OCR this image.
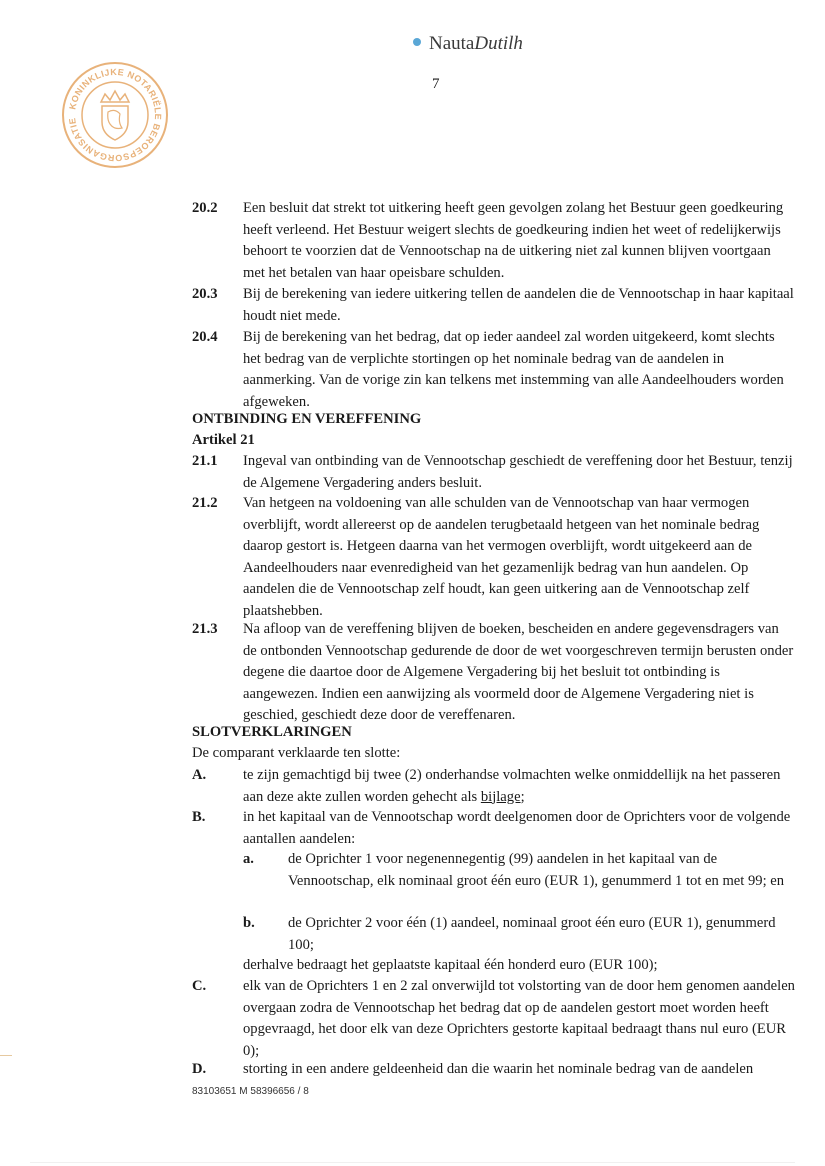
NautaDutilh
7
KONINKLIJKE NOTARIËLE BEROEPSORGANISATIE
20.2 Een besluit dat strekt tot uitkering heeft geen gevolgen zolang het Bestuur geen goedkeuring heeft verleend. Het Bestuur weigert slechts de goedkeuring indien het weet of redelijkerwijs behoort te voorzien dat de Vennootschap na de uitkering niet zal kunnen blijven voortgaan met het betalen van haar opeisbare schulden.
20.3 Bij de berekening van iedere uitkering tellen de aandelen die de Vennootschap in haar kapitaal houdt niet mede.
20.4 Bij de berekening van het bedrag, dat op ieder aandeel zal worden uitgekeerd, komt slechts het bedrag van de verplichte stortingen op het nominale bedrag van de aandelen in aanmerking. Van de vorige zin kan telkens met instemming van alle Aandeelhouders worden afgeweken.
ONTBINDING EN VEREFFENING
Artikel 21
21.1 Ingeval van ontbinding van de Vennootschap geschiedt de vereffening door het Bestuur, tenzij de Algemene Vergadering anders besluit.
21.2 Van hetgeen na voldoening van alle schulden van de Vennootschap van haar vermogen overblijft, wordt allereerst op de aandelen terugbetaald hetgeen van het nominale bedrag daarop gestort is. Hetgeen daarna van het vermogen overblijft, wordt uitgekeerd aan de Aandeelhouders naar evenredigheid van het gezamenlijk bedrag van hun aandelen. Op aandelen die de Vennootschap zelf houdt, kan geen uitkering aan de Vennootschap zelf plaatshebben.
21.3 Na afloop van de vereffening blijven de boeken, bescheiden en andere gegevensdragers van de ontbonden Vennootschap gedurende de door de wet voorgeschreven termijn berusten onder degene die daartoe door de Algemene Vergadering bij het besluit tot ontbinding is aangewezen. Indien een aanwijzing als voormeld door de Algemene Vergadering niet is geschied, geschiedt deze door de vereffenaren.
SLOTVERKLARINGEN
De comparant verklaarde ten slotte:
A.	te zijn gemachtigd bij twee (2) onderhandse volmachten welke onmiddellijk na het passeren aan deze akte zullen worden gehecht als bijlage;
B.	in het kapitaal van de Vennootschap wordt deelgenomen door de Oprichters voor de volgende aantallen aandelen:
a. de Oprichter 1 voor negenennegentig (99) aandelen in het kapitaal van de Vennootschap, elk nominaal groot één euro (EUR 1), genummerd 1 tot en met 99; en
b. de Oprichter 2 voor één (1) aandeel, nominaal groot één euro (EUR 1), genummerd 100;
derhalve bedraagt het geplaatste kapitaal één honderd euro (EUR 100);
C.	elk van de Oprichters 1 en 2 zal onverwijld tot volstorting van de door hem genomen aandelen overgaan zodra de Vennootschap het bedrag dat op de aandelen gestort moet worden heeft opgevraagd, het door elk van deze Oprichters gestorte kapitaal bedraagt thans nul euro (EUR 0);
D.	storting in een andere geldeenheid dan die waarin het nominale bedrag van de aandelen
83103651 M 58396656 / 8
